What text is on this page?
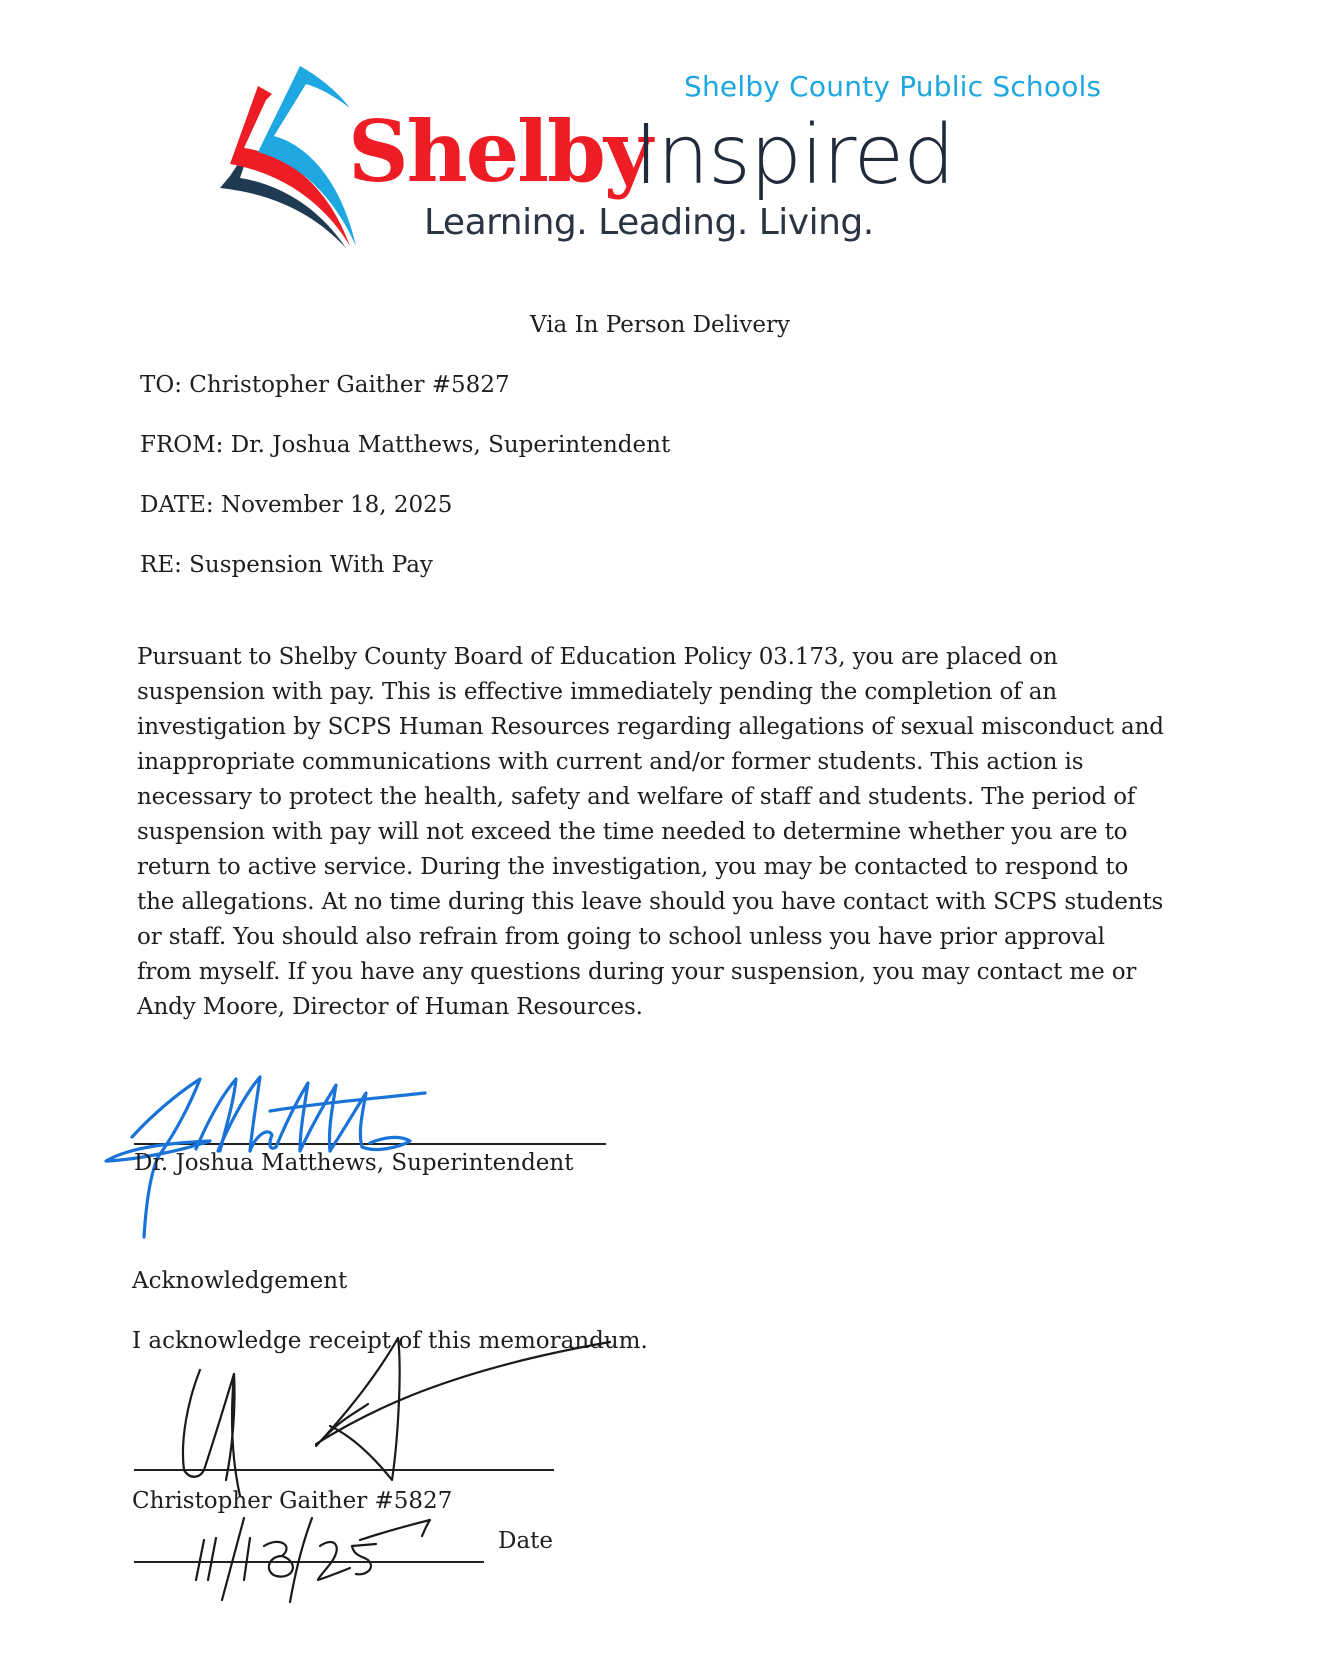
Shelby County Public Schools
Shelby
Inspired
Learning. Leading. Living.
Via In Person Delivery
TO: Christopher Gaither #5827
FROM: Dr. Joshua Matthews, Superintendent
DATE: November 18, 2025
RE: Suspension With Pay
Pursuant to Shelby County Board of Education Policy 03.173, you are placed on
suspension with pay. This is effective immediately pending the completion of an
investigation by SCPS Human Resources regarding allegations of sexual misconduct and
inappropriate communications with current and/or former students. This action is
necessary to protect the health, safety and welfare of staff and students. The period of
suspension with pay will not exceed the time needed to determine whether you are to
return to active service. During the investigation, you may be contacted to respond to
the allegations. At no time during this leave should you have contact with SCPS students
or staff. You should also refrain from going to school unless you have prior approval
from myself. If you have any questions during your suspension, you may contact me or
Andy Moore, Director of Human Resources.
Dr. Joshua Matthews, Superintendent
Acknowledgement
I acknowledge receipt of this memorandum.
Christopher Gaither #5827
Date
